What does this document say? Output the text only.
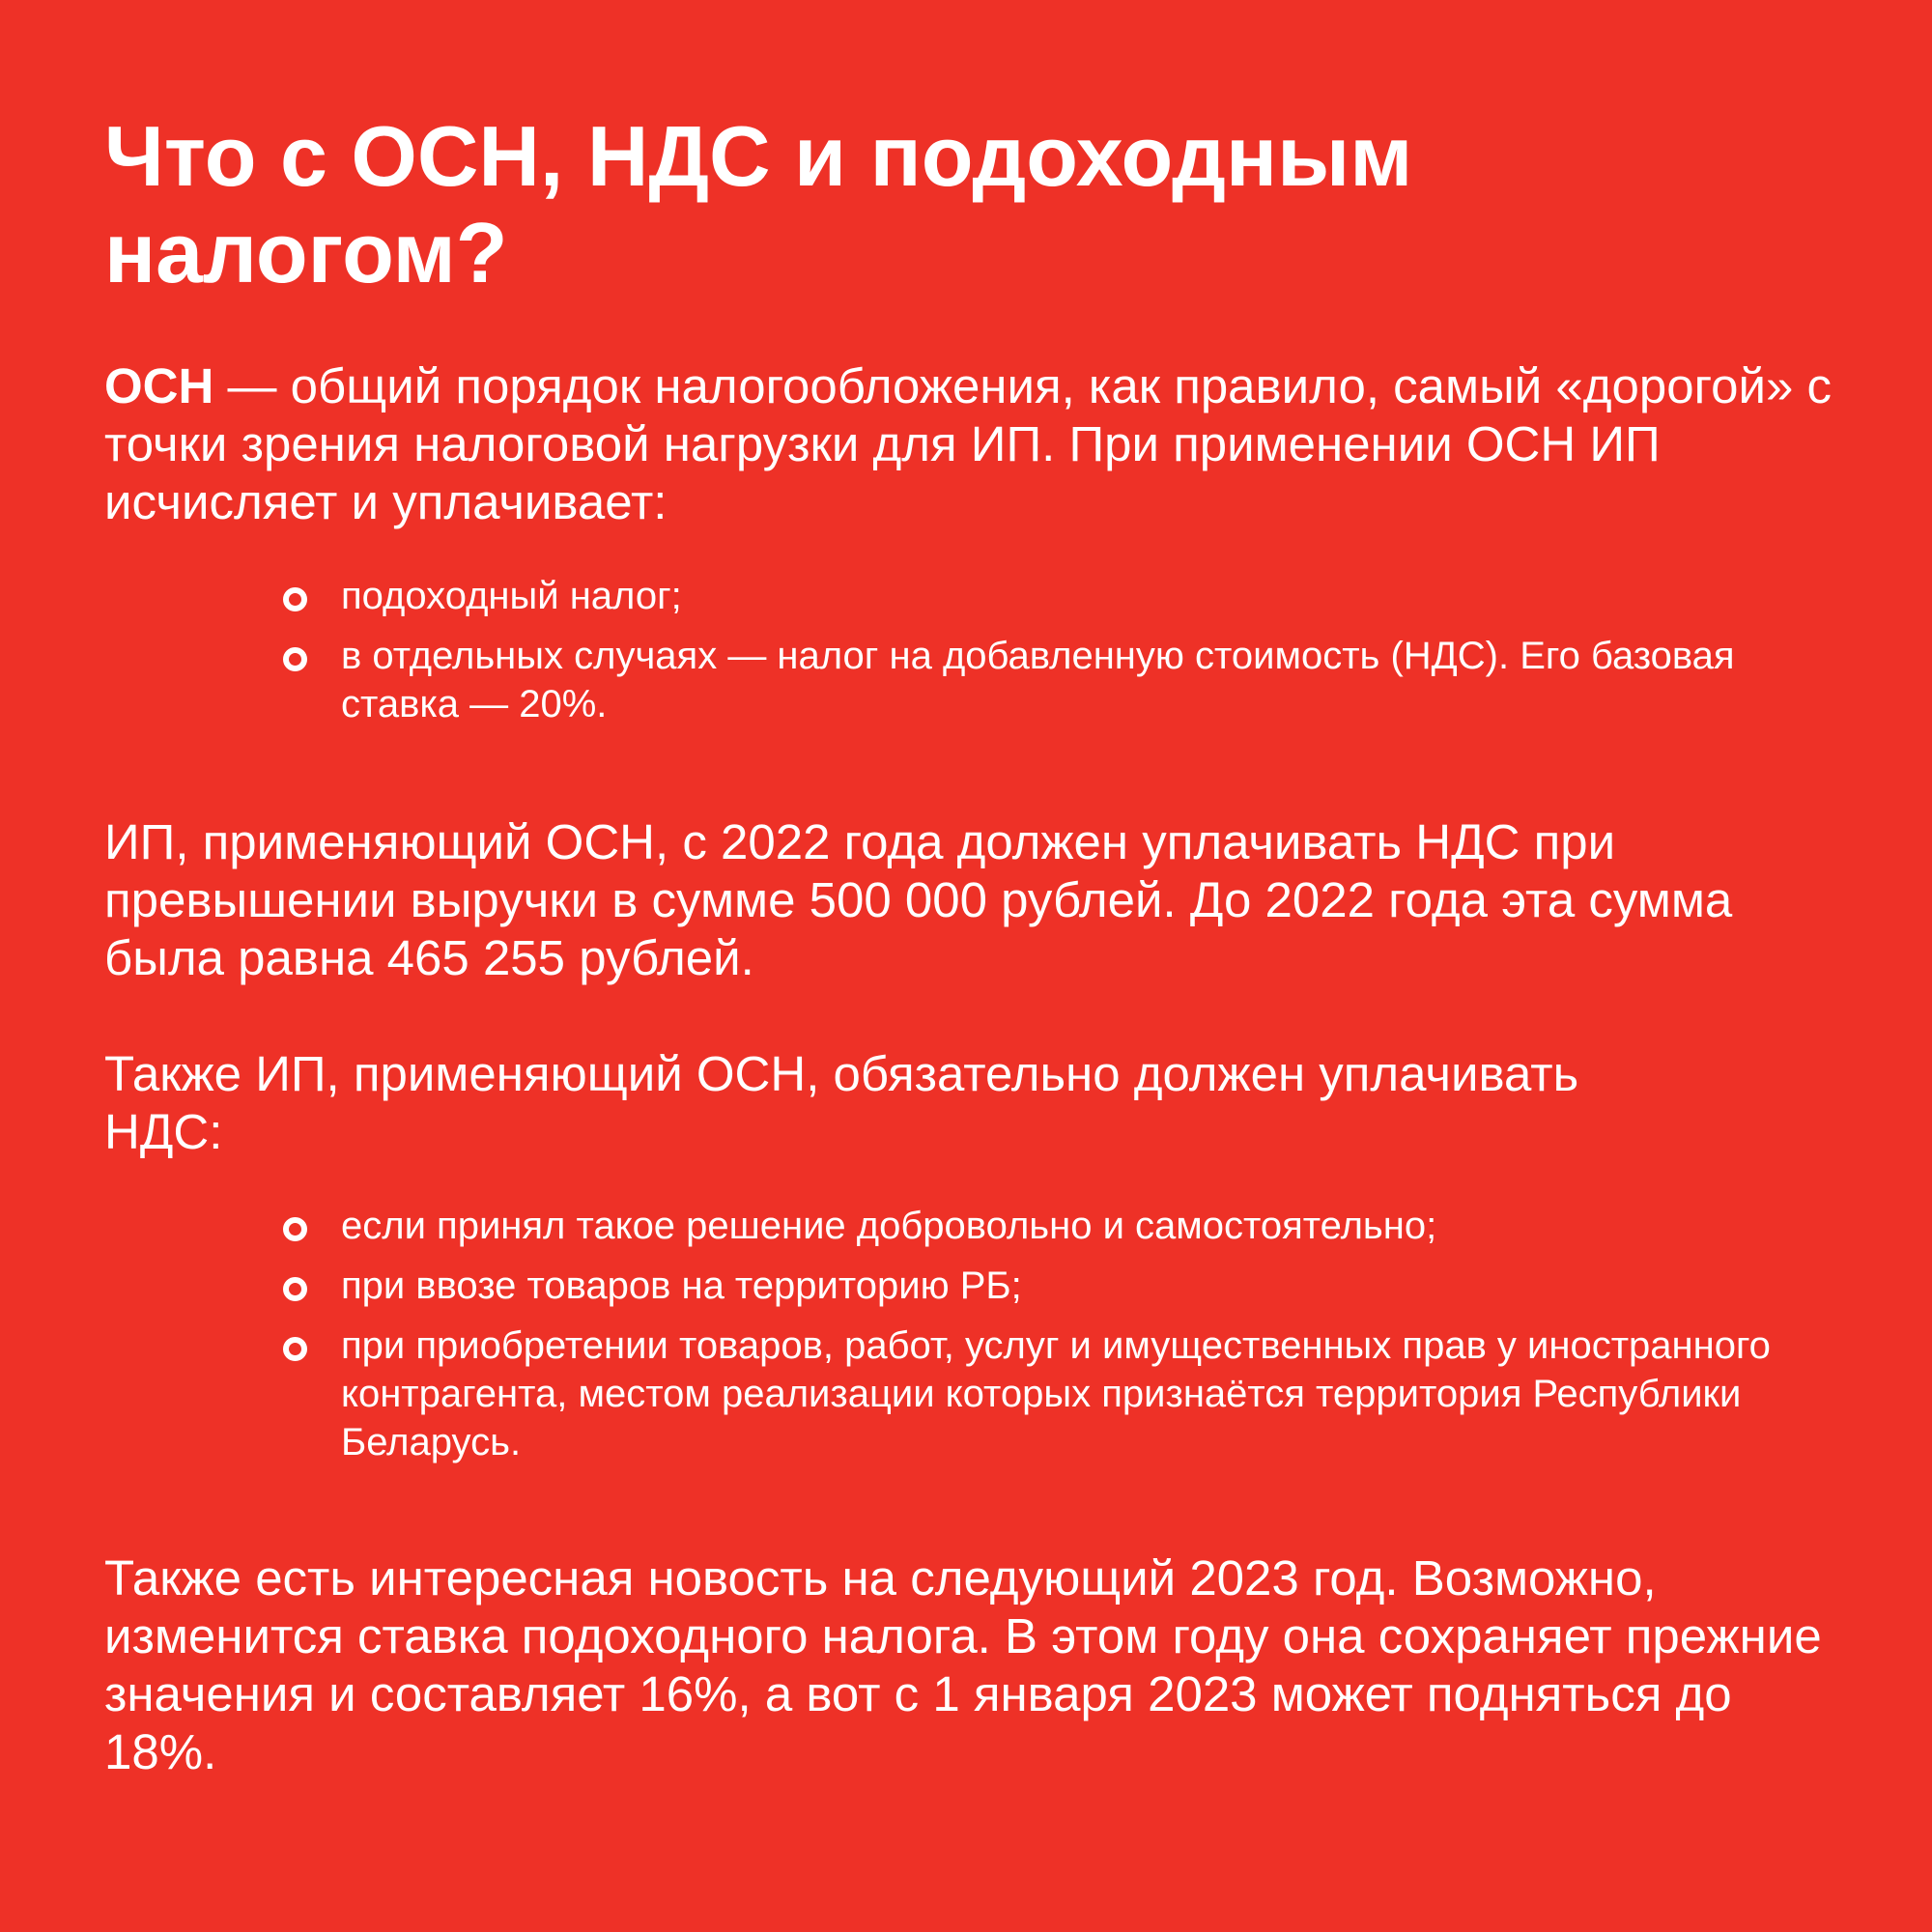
Что с ОСН, НДС и подоходным налогом?

ОСН — общий порядок налогообложения, как правило, самый «дорогой» с точки зрения налоговой нагрузки для ИП. При применении ОСН ИП исчисляет и уплачивает:

подоходный налог;
в отдельных случаях — налог на добавленную стоимость (НДС). Его базовая ставка — 20%.

ИП, применяющий ОСН, с 2022 года должен уплачивать НДС при превышении выручки в сумме 500 000 рублей. До 2022 года эта сумма была равна 465 255 рублей.

Также ИП, применяющий ОСН, обязательно должен уплачивать НДС:

если принял такое решение добровольно и самостоятельно;
при ввозе товаров на территорию РБ;
при приобретении товаров, работ, услуг и имущественных прав у иностранного контрагента, местом реализации которых признаётся территория Республики Беларусь.

Также есть интересная новость на следующий 2023 год. Возможно, изменится ставка подоходного налога. В этом году она сохраняет прежние значения и составляет 16%, а вот с 1 января 2023 может подняться до 18%.
